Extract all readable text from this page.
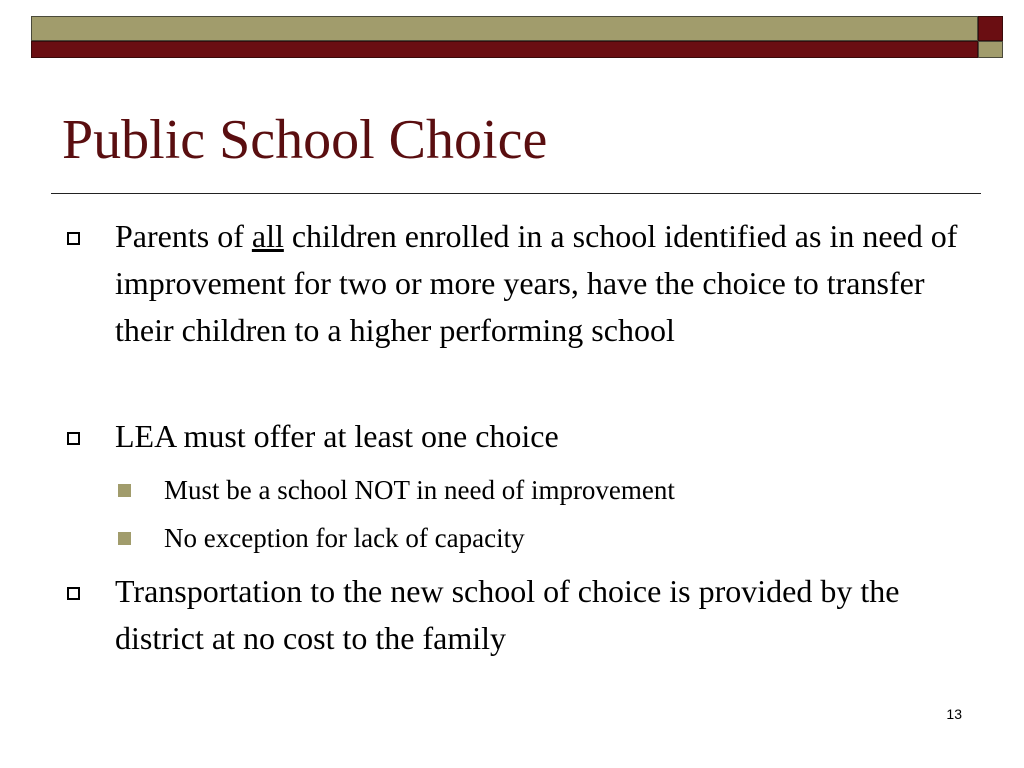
Public School Choice
Parents of all children enrolled in a school identified as in need of improvement for two or more years, have the choice to transfer their children to a higher performing school
LEA must offer at least one choice
Must be a school NOT in need of improvement
No exception for lack of capacity
Transportation to the new school of choice is provided by the district at no cost to the family
13
